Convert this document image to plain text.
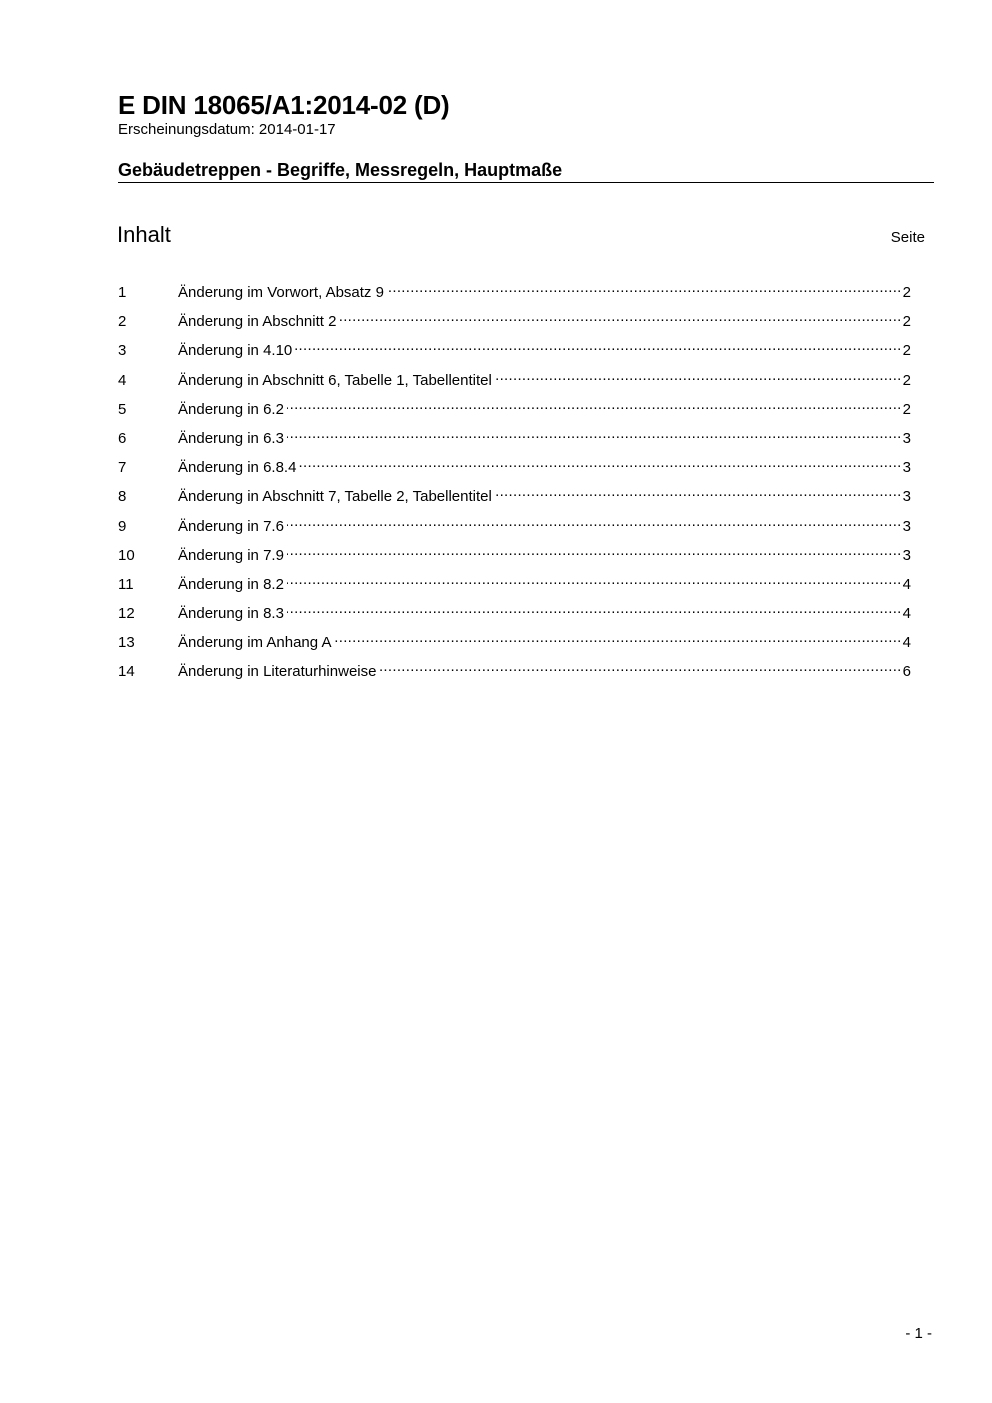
E DIN 18065/A1:2014-02 (D)
Erscheinungsdatum: 2014-01-17
Gebäudetreppen - Begriffe, Messregeln, Hauptmaße
Inhalt	Seite
1	Änderung im Vorwort, Absatz 9 .....	2
2	Änderung in Abschnitt 2 .....	2
3	Änderung in 4.10 .....	2
4	Änderung in Abschnitt 6, Tabelle 1, Tabellentitel .....	2
5	Änderung in 6.2 .....	2
6	Änderung in 6.3 .....	3
7	Änderung in 6.8.4 .....	3
8	Änderung in Abschnitt 7, Tabelle 2, Tabellentitel .....	3
9	Änderung in 7.6 .....	3
10	Änderung in 7.9 .....	3
11	Änderung in 8.2 .....	4
12	Änderung in 8.3 .....	4
13	Änderung im Anhang A .....	4
14	Änderung in Literaturhinweise .....	6
- 1 -
